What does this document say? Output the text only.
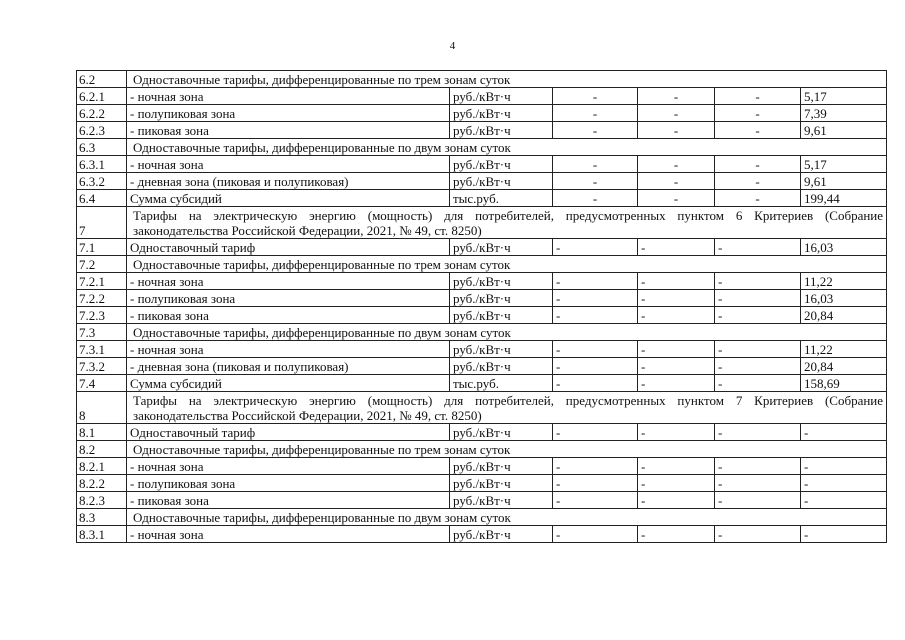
4
6.2	Одноставочные тарифы, дифференцированные по трем зонам суток					
6.2.1	- ночная зона	руб./кВт·ч	-	-	-	5,17
6.2.2	- полупиковая зона	руб./кВт·ч	-	-	-	7,39
6.2.3	- пиковая зона	руб./кВт·ч	-	-	-	9,61
6.3	Одноставочные тарифы, дифференцированные по двум зонам суток					
6.3.1	- ночная зона	руб./кВт·ч	-	-	-	5,17
6.3.2	- дневная зона (пиковая и полупиковая)	руб./кВт·ч	-	-	-	9,61
6.4	Сумма субсидий	тыс.руб.	-	-	-	199,44
7	Тарифы на электрическую энергию (мощность) для потребителей, предусмотренных пунктом 6 Критериев (Собрание законодательства Российской Федерации, 2021, № 49, ст. 8250)					
7.1	Одноставочный тариф	руб./кВт·ч	-	-	-	16,03
7.2	Одноставочные тарифы, дифференцированные по трем зонам суток					
7.2.1	- ночная зона	руб./кВт·ч	-	-	-	11,22
7.2.2	- полупиковая зона	руб./кВт·ч	-	-	-	16,03
7.2.3	- пиковая зона	руб./кВт·ч	-	-	-	20,84
7.3	Одноставочные тарифы, дифференцированные по двум зонам суток					
7.3.1	- ночная зона	руб./кВт·ч	-	-	-	11,22
7.3.2	- дневная зона (пиковая и полупиковая)	руб./кВт·ч	-	-	-	20,84
7.4	Сумма субсидий	тыс.руб.	-	-	-	158,69
8	Тарифы на электрическую энергию (мощность) для потребителей, предусмотренных пунктом 7 Критериев (Собрание законодательства Российской Федерации, 2021, № 49, ст. 8250)					
8.1	Одноставочный тариф	руб./кВт·ч	-	-	-	-
8.2	Одноставочные тарифы, дифференцированные по трем зонам суток					
8.2.1	- ночная зона	руб./кВт·ч	-	-	-	-
8.2.2	- полупиковая зона	руб./кВт·ч	-	-	-	-
8.2.3	- пиковая зона	руб./кВт·ч	-	-	-	-
8.3	Одноставочные тарифы, дифференцированные по двум зонам суток					
8.3.1	- ночная зона	руб./кВт·ч	-	-	-	-
